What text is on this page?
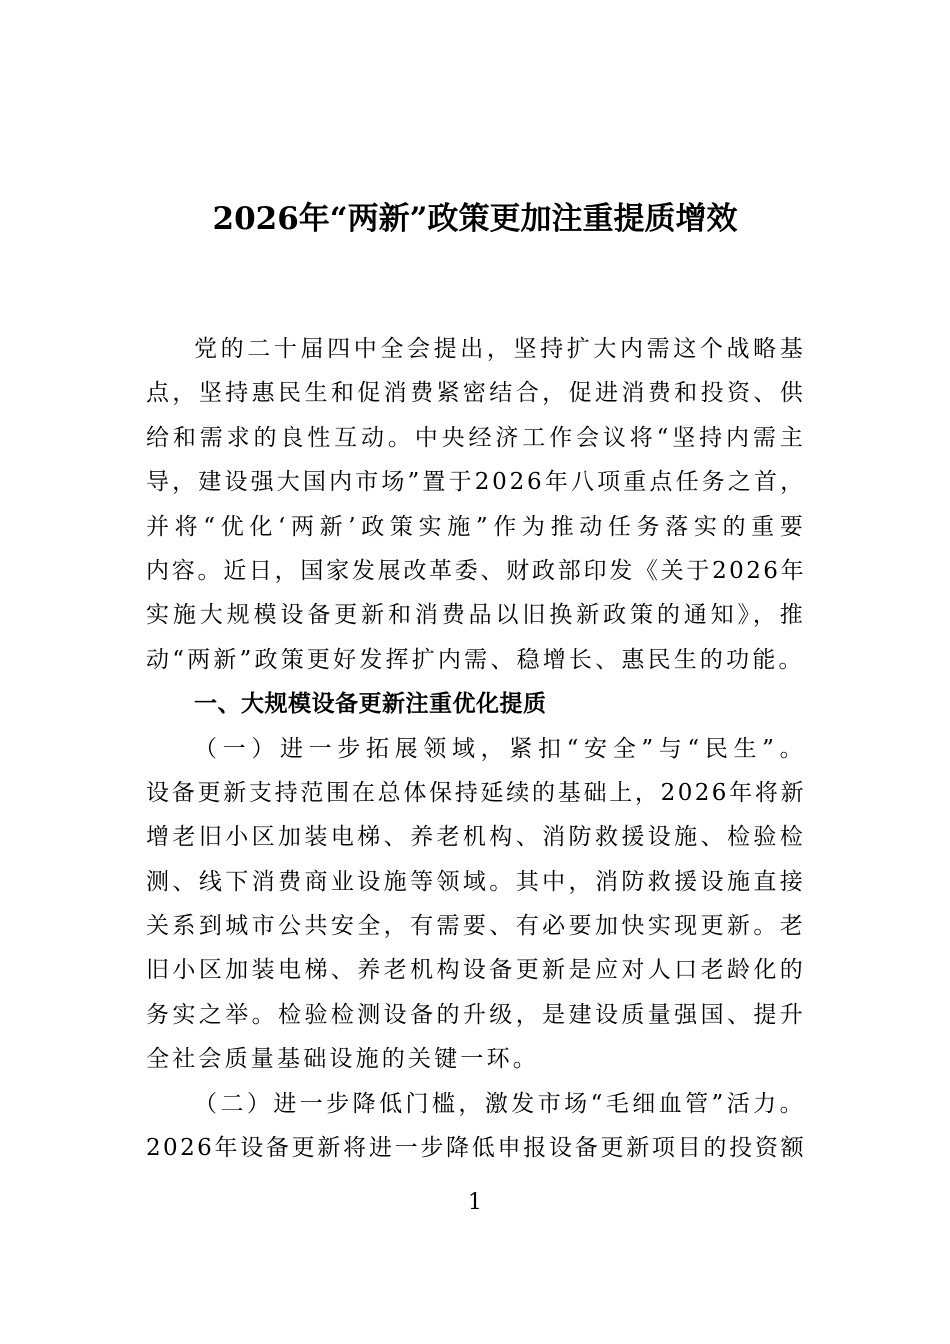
2026年“两新”政策更加注重提质增效
党的二十届四中全会提出，坚持扩大内需这个战略基
点，坚持惠民生和促消费紧密结合，促进消费和投资、供
给和需求的良性互动。中央经济工作会议将“坚持内需主
导，建设强大国内市场”置于2026年八项重点任务之首，
并将“优化‘两新’政策实施”作为推动任务落实的重要
内容。近日，国家发展改革委、财政部印发《关于2026年
实施大规模设备更新和消费品以旧换新政策的通知》，推
动“两新”政策更好发挥扩内需、稳增长、惠民生的功能。
一、大规模设备更新注重优化提质
（一）进一步拓展领域，紧扣“安全”与“民生”。
设备更新支持范围在总体保持延续的基础上，2026年将新
增老旧小区加装电梯、养老机构、消防救援设施、检验检
测、线下消费商业设施等领域。其中，消防救援设施直接
关系到城市公共安全，有需要、有必要加快实现更新。老
旧小区加装电梯、养老机构设备更新是应对人口老龄化的
务实之举。检验检测设备的升级，是建设质量强国、提升
全社会质量基础设施的关键一环。
（二）进一步降低门槛，激发市场“毛细血管”活力。
2026年设备更新将进一步降低申报设备更新项目的投资额
1
